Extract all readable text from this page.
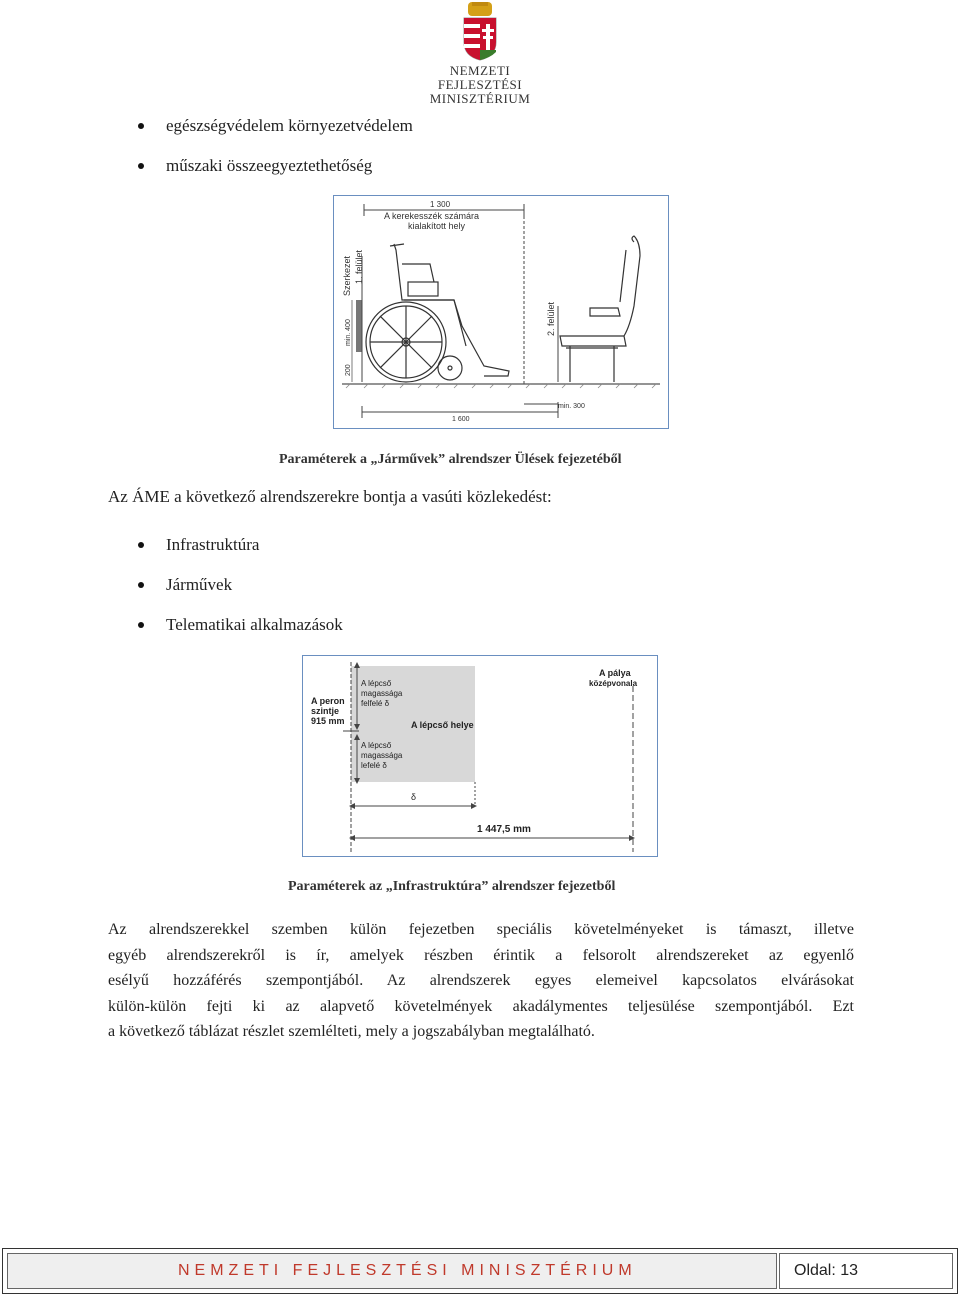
NEMZETI FEJLESZTÉSI
MINISZTÉRIUM
egészségvédelem környezetvédelem
műszaki összeegyeztethetőség
1 300
A kerekesszék számára
kialakított hely
Szerkezet 1. felület
min. 400
200
2. felület
1 600
min. 300
Paraméterek a „Járművek” alrendszer Ülések fejezetéből
Az ÁME a következő alrendszerekre bontja a vasúti közlekedést:
Infrastruktúra
Járművek
Telematikai alkalmazások
A peron
szintje
915 mm
A lépcső
magassága
felfelé δ
A lépcső helye
A lépcső
magassága
lefelé δ
A pálya
középvonala
δ
1 447,5 mm
Paraméterek az „Infrastruktúra” alrendszer fejezetből
Az alrendszerekkel szemben külön fejezetben speciális követelményeket is támaszt, illetve
egyéb alrendszerekről is ír, amelyek részben érintik a felsorolt alrendszereket az egyenlő
esélyű hozzáférés szempontjából. Az alrendszerek egyes elemeivel kapcsolatos elvárásokat
külön-külön fejti ki az alapvető követelmények akadálymentes teljesülése szempontjából. Ezt
a következő táblázat részlet szemlélteti, mely a jogszabályban megtalálható.
NEMZETI FEJLESZTÉSI MINISZTÉRIUM	Oldal: 13
